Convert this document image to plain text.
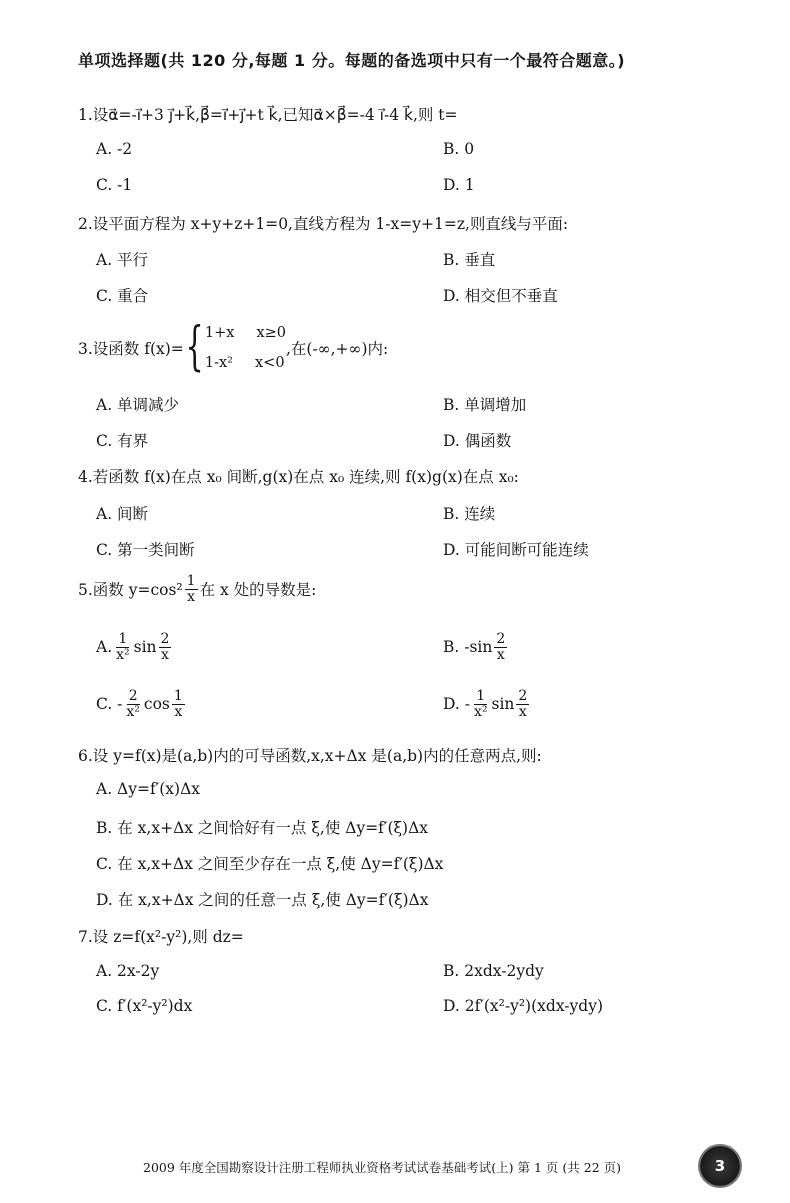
单项选择题(共 120 分,每题 1 分。每题的备选项中只有一个最符合题意。)
1.设α⃗=-i⃗+3 j⃗+k⃗,β⃗=i⃗+j⃗+t k⃗,已知α⃗×β⃗=-4 i⃗-4 k⃗,则 t=
A. -2	B. 0
C. -1	D. 1
2.设平面方程为 x+y+z+1=0,直线方程为 1-x=y+1=z,则直线与平面:
A. 平行	B. 垂直
C. 重合	D. 相交但不垂直
3.设函数 f(x)={1+x x≥0
1-x² x<0,在(-∞,+∞)内:
A. 单调减少	B. 单调增加
C. 有界	D. 偶函数
4.若函数 f(x)在点 x₀ 间断,g(x)在点 x₀ 连续,则 f(x)g(x)在点 x₀:
A. 间断	B. 连续
C. 第一类间断	D. 可能间断可能连续
5.函数 $y=\cos^2 \frac{1}{x}$ 在 x 处的导数是:
A. $\frac{1}{\text{x²}}$ $\sin \frac{2}{x}$	B. $-\sin \frac{2}{x}$
C. - $\frac{2}{\text{x²}}$ $\cos \frac{1}{x}$	D. - $\frac{1}{\text{x²}}$ $\sin \frac{2}{x}$
6.设 y=f(x)是(a,b)内的可导函数,x,x+Δx 是(a,b)内的任意两点,则:
A. Δy=f′(x)Δx
B. 在 x,x+Δx 之间恰好有一点 ξ,使 Δy=f′(ξ)Δx
C. 在 x,x+Δx 之间至少存在一点 ξ,使 Δy=f′(ξ)Δx
D. 在 x,x+Δx 之间的任意一点 ξ,使 Δy=f′(ξ)Δx
7.设 z=f(x²-y²),则 dz=
A. 2x-2y	B. 2xdx-2ydy
C. f′(x²-y²)dx	D. 2f′(x²-y²)(xdx-ydy)
2009 年度全国勘察设计注册工程师执业资格考试试卷基础考试(上) 第 1 页 (共 22 页)	3
